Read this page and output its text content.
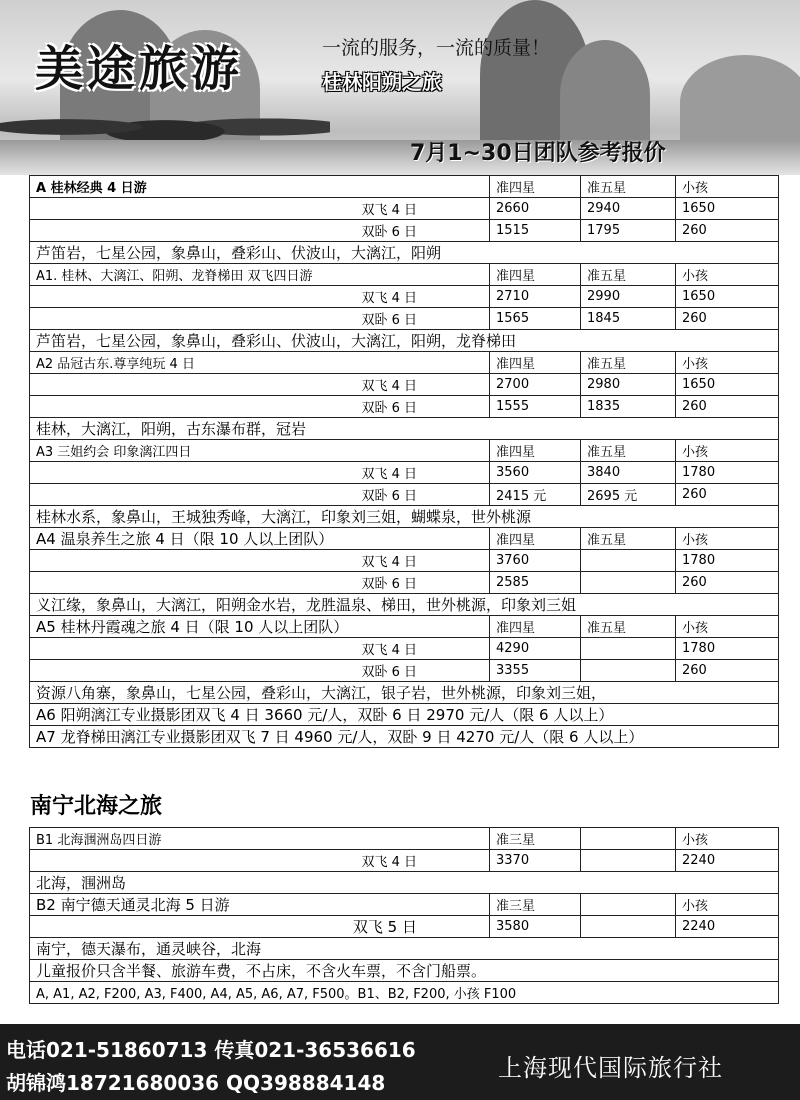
美途旅游	一流的服务，一流的质量！
桂林阳朔之旅
7月1~30日团队参考报价
A 桂林经典 4 日游	准四星	准五星	小孩
双飞 4 日	2660	2940	1650
双卧 6 日	1515	1795	260
芦笛岩，七星公园，象鼻山，叠彩山、伏波山，大漓江，阳朔			
A1. 桂林、大漓江、阳朔、龙脊梯田 双飞四日游	准四星	准五星	小孩
双飞 4 日	2710	2990	1650
双卧 6 日	1565	1845	260
芦笛岩，七星公园，象鼻山，叠彩山、伏波山，大漓江，阳朔，龙脊梯田			
A2 品冠古东.尊享纯玩 4 日	准四星	准五星	小孩
双飞 4 日	2700	2980	1650
双卧 6 日	1555	1835	260
桂林，大漓江，阳朔，古东瀑布群，冠岩			
A3 三姐约会 印象漓江四日	准四星	准五星	小孩
双飞 4 日	3560	3840	1780
双卧 6 日	2415 元	2695 元	260
桂林水系，象鼻山，王城独秀峰，大漓江，印象刘三姐，蝴蝶泉，世外桃源			
A4 温泉养生之旅 4 日（限 10 人以上团队）	准四星	准五星	小孩
双飞 4 日	3760		1780
双卧 6 日	2585		260
义江缘，象鼻山，大漓江，阳朔金水岩，龙胜温泉、梯田，世外桃源，印象刘三姐			
A5 桂林丹霞魂之旅 4 日（限 10 人以上团队）	准四星	准五星	小孩
双飞 4 日	4290		1780
双卧 6 日	3355		260
资源八角寨，象鼻山，七星公园，叠彩山，大漓江，银子岩，世外桃源，印象刘三姐，			
A6 阳朔漓江专业摄影团双飞 4 日 3660 元/人，双卧 6 日 2970 元/人（限 6 人以上）			
A7 龙脊梯田漓江专业摄影团双飞 7 日 4960 元/人，双卧 9 日 4270 元/人（限 6 人以上）			
南宁北海之旅
B1 北海涠洲岛四日游	准三星		小孩
双飞 4 日	3370		2240
北海，涠洲岛			
B2 南宁德天通灵北海 5 日游	准三星		小孩
双飞 5 日	3580		2240
南宁，德天瀑布，通灵峡谷，北海			
儿童报价只含半餐、旅游车费，不占床，不含火车票，不含门船票。			
A, A1, A2, F200, A3, F400, A4, A5, A6, A7, F500。B1、B2, F200, 小孩 F100			
电话021-51860713 传真021-36536616
胡锦鸿18721680036 QQ398884148
上海现代国际旅行社
